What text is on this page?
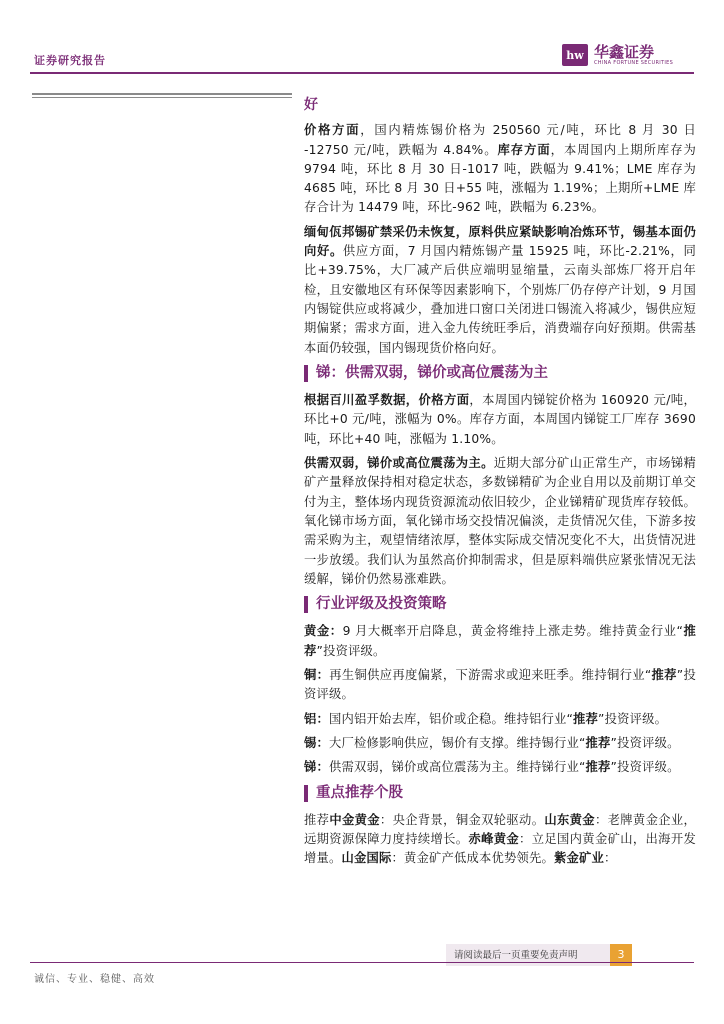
证券研究报告	hw 华鑫证券
CHINA FORTUNE SECURITIES
好

价格方面，国内精炼锡价格为 250560 元/吨，环比 8 月 30 日 -12750 元/吨，跌幅为 4.84%。库存方面，本周国内上期所库存为 9794 吨，环比 8 月 30 日-1017 吨，跌幅为 9.41%；LME 库存为 4685 吨，环比 8 月 30 日+55 吨，涨幅为 1.19%；上期所+LME 库存合计为 14479 吨，环比-962 吨，跌幅为 6.23%。

缅甸佤邦锡矿禁采仍未恢复，原料供应紧缺影响冶炼环节，锡基本面仍向好。供应方面，7 月国内精炼锡产量 15925 吨，环比-2.21%，同比+39.75%，大厂减产后供应端明显缩量，云南头部炼厂将开启年检，且安徽地区有环保等因素影响下，个别炼厂仍存停产计划，9 月国内锡锭供应或将减少，叠加进口窗口关闭进口锡流入将减少，锡供应短期偏紧；需求方面，进入金九传统旺季后，消费端存向好预期。供需基本面仍较强，国内锡现货价格向好。

锑：供需双弱，锑价或高位震荡为主

根据百川盈孚数据，价格方面，本周国内锑锭价格为 160920 元/吨，环比+0 元/吨，涨幅为 0%。库存方面，本周国内锑锭工厂库存 3690 吨，环比+40 吨，涨幅为 1.10%。

供需双弱，锑价或高位震荡为主。近期大部分矿山正常生产，市场锑精矿产量释放保持相对稳定状态，多数锑精矿为企业自用以及前期订单交付为主，整体场内现货资源流动依旧较少，企业锑精矿现货库存较低。氧化锑市场方面，氧化锑市场交投情况偏淡，走货情况欠佳，下游多按需采购为主，观望情绪浓厚，整体实际成交情况变化不大，出货情况进一步放缓。我们认为虽然高价抑制需求，但是原料端供应紧张情况无法缓解，锑价仍然易涨难跌。

行业评级及投资策略

黄金：9 月大概率开启降息，黄金将维持上涨走势。维持黄金行业“推荐”投资评级。

铜：再生铜供应再度偏紧，下游需求或迎来旺季。维持铜行业“推荐”投资评级。

铝：国内铝开始去库，铝价或企稳。维持铝行业“推荐”投资评级。

锡：大厂检修影响供应，锡价有支撑。维持锡行业“推荐”投资评级。

锑：供需双弱，锑价或高位震荡为主。维持锑行业“推荐”投资评级。

重点推荐个股

推荐中金黄金：央企背景，铜金双轮驱动。山东黄金：老牌黄金企业，远期资源保障力度持续增长。赤峰黄金：立足国内黄金矿山，出海开发增量。山金国际：黄金矿产低成本优势领先。紫金矿业：

请阅读最后一页重要免责声明	3
诚信、专业、稳健、高效
